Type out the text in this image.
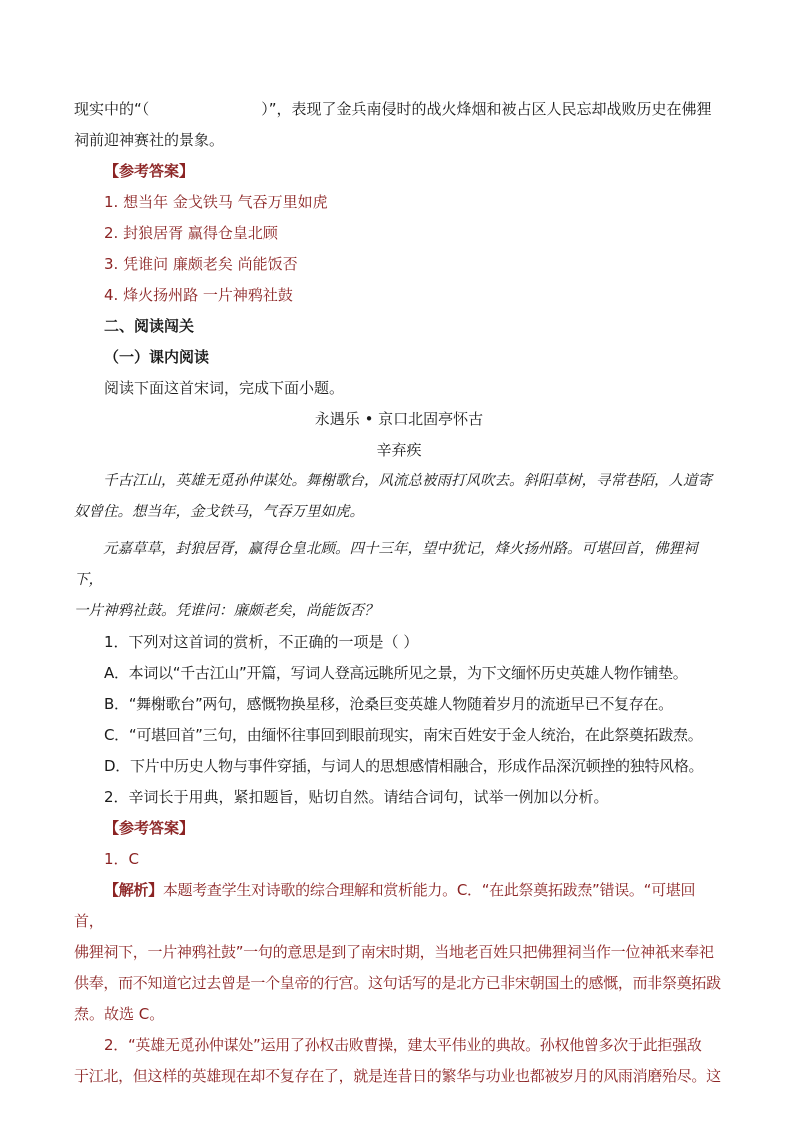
现实中的“（	）”，表现了金兵南侵时的战火烽烟和被占区人民忘却战败历史在佛狸

祠前迎神赛社的景象。

【参考答案】

1. 想当年 金戈铁马 气吞万里如虎

2. 封狼居胥 赢得仓皇北顾

3. 凭谁问 廉颇老矣 尚能饭否

4. 烽火扬州路 一片神鸦社鼓

二、阅读闯关

（一）课内阅读

阅读下面这首宋词，完成下面小题。

永遇乐 • 京口北固亭怀古

辛弃疾

千古江山，英雄无觅孙仲谋处。舞榭歌台，风流总被雨打风吹去。斜阳草树，寻常巷陌，人道寄

奴曾住。想当年，金戈铁马，气吞万里如虎。

元嘉草草，封狼居胥，赢得仓皇北顾。四十三年，望中犹记，烽火扬州路。可堪回首，佛狸祠下，

一片神鸦社鼓。凭谁问：廉颇老矣，尚能饭否？

1．下列对这首词的赏析，不正确的一项是（ ）

A．本词以“千古江山”开篇，写词人登高远眺所见之景，为下文缅怀历史英雄人物作铺垫。

B．“舞榭歌台”两句，感慨物换星移，沧桑巨变英雄人物随着岁月的流逝早已不复存在。

C．“可堪回首”三句，由缅怀往事回到眼前现实，南宋百姓安于金人统治，在此祭奠拓跋焘。

D．下片中历史人物与事件穿插，与词人的思想感情相融合，形成作品深沉顿挫的独特风格。

2．辛词长于用典，紧扣题旨，贴切自然。请结合词句，试举一例加以分析。

【参考答案】

1．C

【解析】本题考查学生对诗歌的综合理解和赏析能力。C．“在此祭奠拓跋焘”错误。“可堪回首，

佛狸祠下，一片神鸦社鼓”一句的意思是到了南宋时期，当地老百姓只把佛狸祠当作一位神祇来奉祀

供奉，而不知道它过去曾是一个皇帝的行宫。这句话写的是北方已非宋朝国土的感慨，而非祭奠拓跋

焘。故选 C。

2．“英雄无觅孙仲谋处”运用了孙权击败曹操，建太平伟业的典故。孙权他曾多次于此拒强敌

于江北，但这样的英雄现在却不复存在了，就是连昔日的繁华与功业也都被岁月的风雨消磨殆尽。这
